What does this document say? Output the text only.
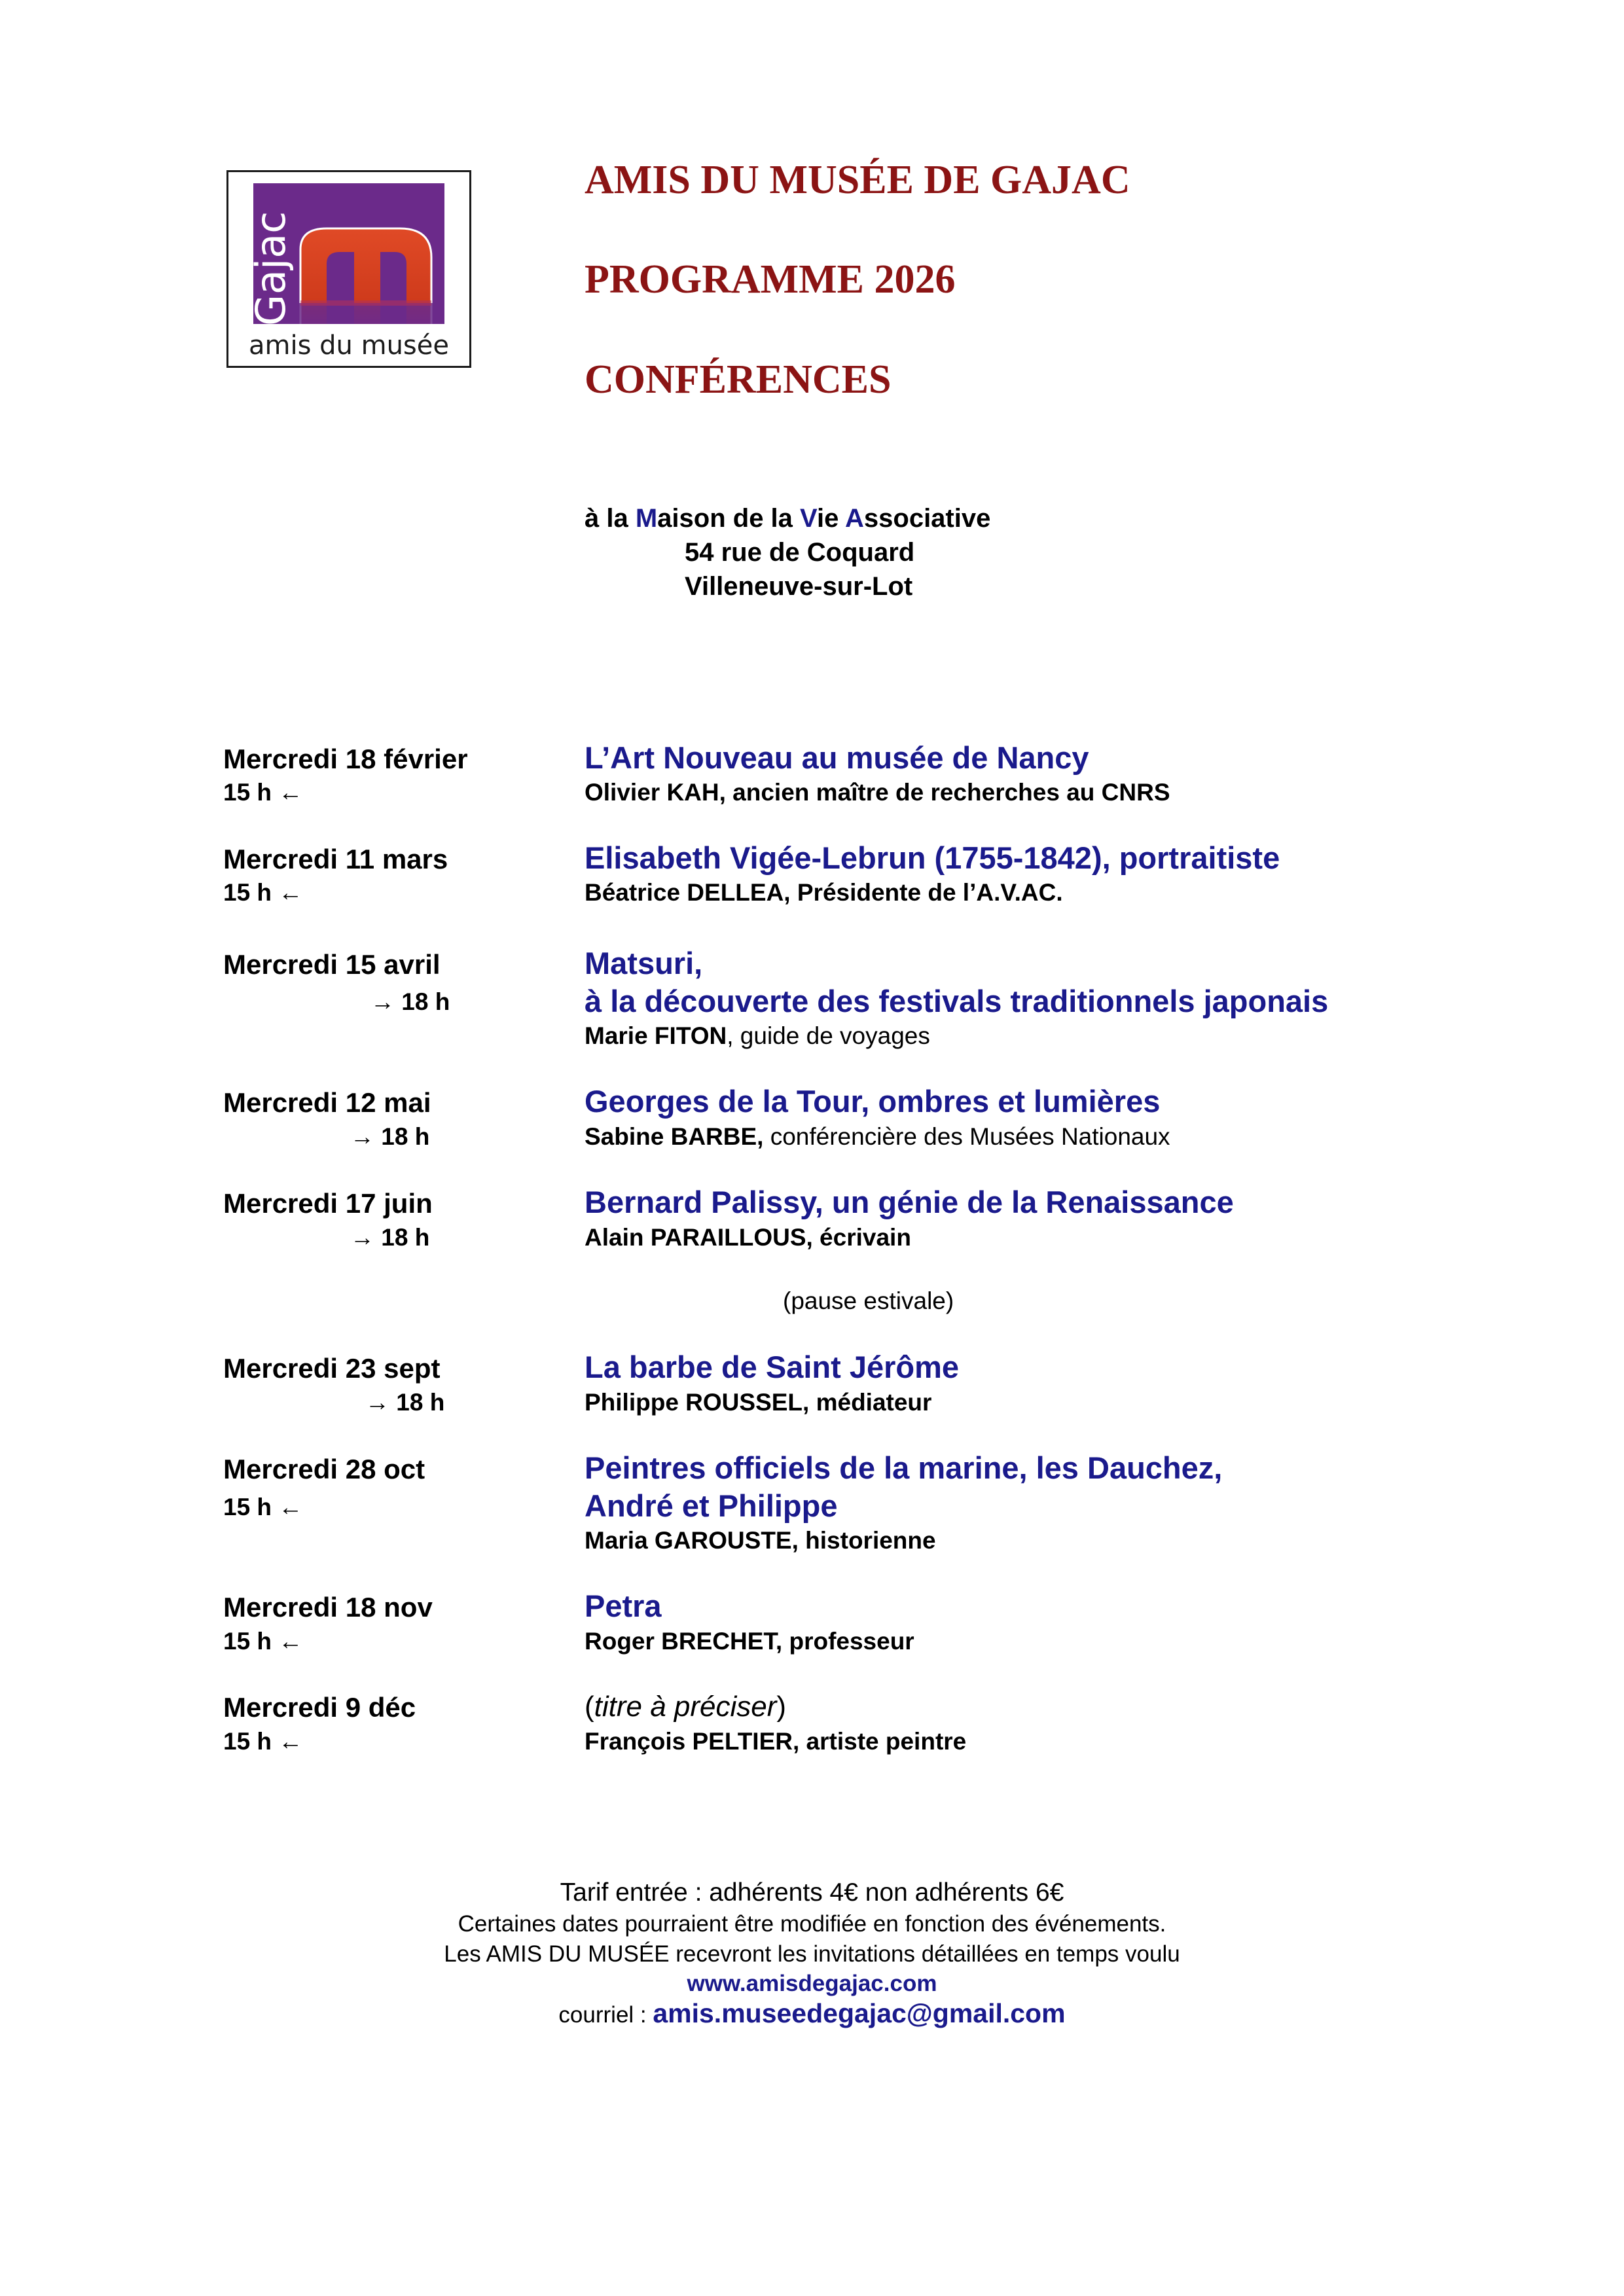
Gajac
amis du musée
AMIS DU MUSÉE DE GAJAC
PROGRAMME 2026
CONFÉRENCES
à la Maison de la Vie Associative
54 rue de Coquard
Villeneuve-sur-Lot
Mercredi 18 février
15 h ←
L’Art Nouveau au musée de Nancy
Olivier KAH, ancien maître de recherches au CNRS
Mercredi 11 mars
15 h ←
Elisabeth Vigée-Lebrun (1755-1842), portraitiste
Béatrice DELLEA, Présidente de l’A.V.AC.
Mercredi 15 avril
→ 18 h
Matsuri,
à la découverte des festivals traditionnels japonais
Marie FITON, guide de voyages
Mercredi 12 mai
→ 18 h
Georges de la Tour, ombres et lumières
Sabine BARBE, conférencière des Musées Nationaux
Mercredi 17 juin
→ 18 h
Bernard Palissy, un génie de la Renaissance
Alain PARAILLOUS, écrivain
(pause estivale)
Mercredi 23 sept
→ 18 h
La barbe de Saint Jérôme
Philippe ROUSSEL, médiateur
Mercredi 28 oct
15 h ←
Peintres officiels de la marine, les Dauchez,
André et Philippe
Maria GAROUSTE, historienne
Mercredi 18 nov
15 h ←
Petra
Roger BRECHET, professeur
Mercredi 9 déc
15 h ←
(titre à préciser)
François PELTIER, artiste peintre
Tarif entrée : adhérents 4€ non adhérents 6€
Certaines dates pourraient être modifiée en fonction des événements.
Les AMIS DU MUSÉE recevront les invitations détaillées en temps voulu
www.amisdegajac.com
courriel : amis.museedegajac@gmail.com
